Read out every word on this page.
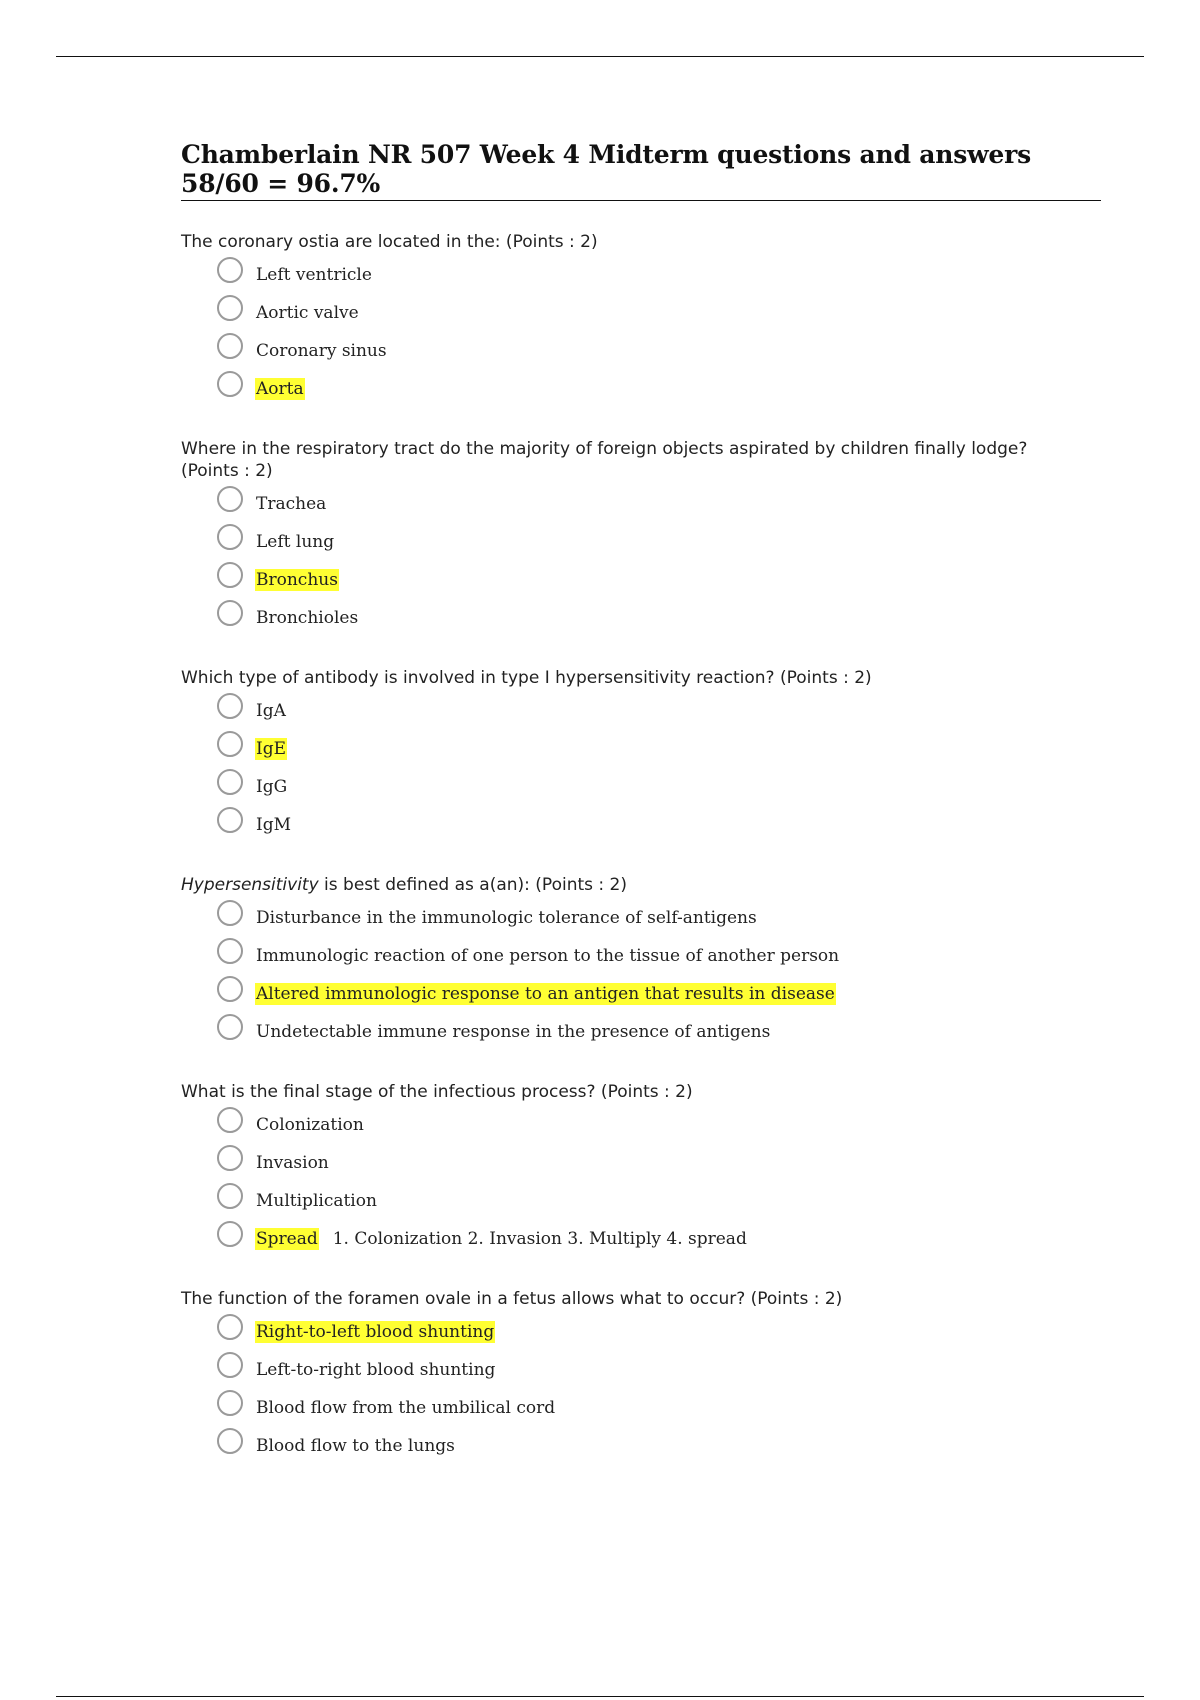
Chamberlain NR 507 Week 4 Midterm questions and answers 58/60 = 96.7%
The coronary ostia are located in the: (Points : 2)
Left ventricle
Aortic valve
Coronary sinus
Aorta
Where in the respiratory tract do the majority of foreign objects aspirated by children finally lodge? (Points : 2)
Trachea
Left lung
Bronchus
Bronchioles
Which type of antibody is involved in type I hypersensitivity reaction? (Points : 2)
IgA
IgE
IgG
IgM
Hypersensitivity is best defined as a(an): (Points : 2)
Disturbance in the immunologic tolerance of self-antigens
Immunologic reaction of one person to the tissue of another person
Altered immunologic response to an antigen that results in disease
Undetectable immune response in the presence of antigens
What is the final stage of the infectious process? (Points : 2)
Colonization
Invasion
Multiplication
Spread 1. Colonization 2. Invasion 3. Multiply 4. spread
The function of the foramen ovale in a fetus allows what to occur? (Points : 2)
Right-to-left blood shunting
Left-to-right blood shunting
Blood flow from the umbilical cord
Blood flow to the lungs
